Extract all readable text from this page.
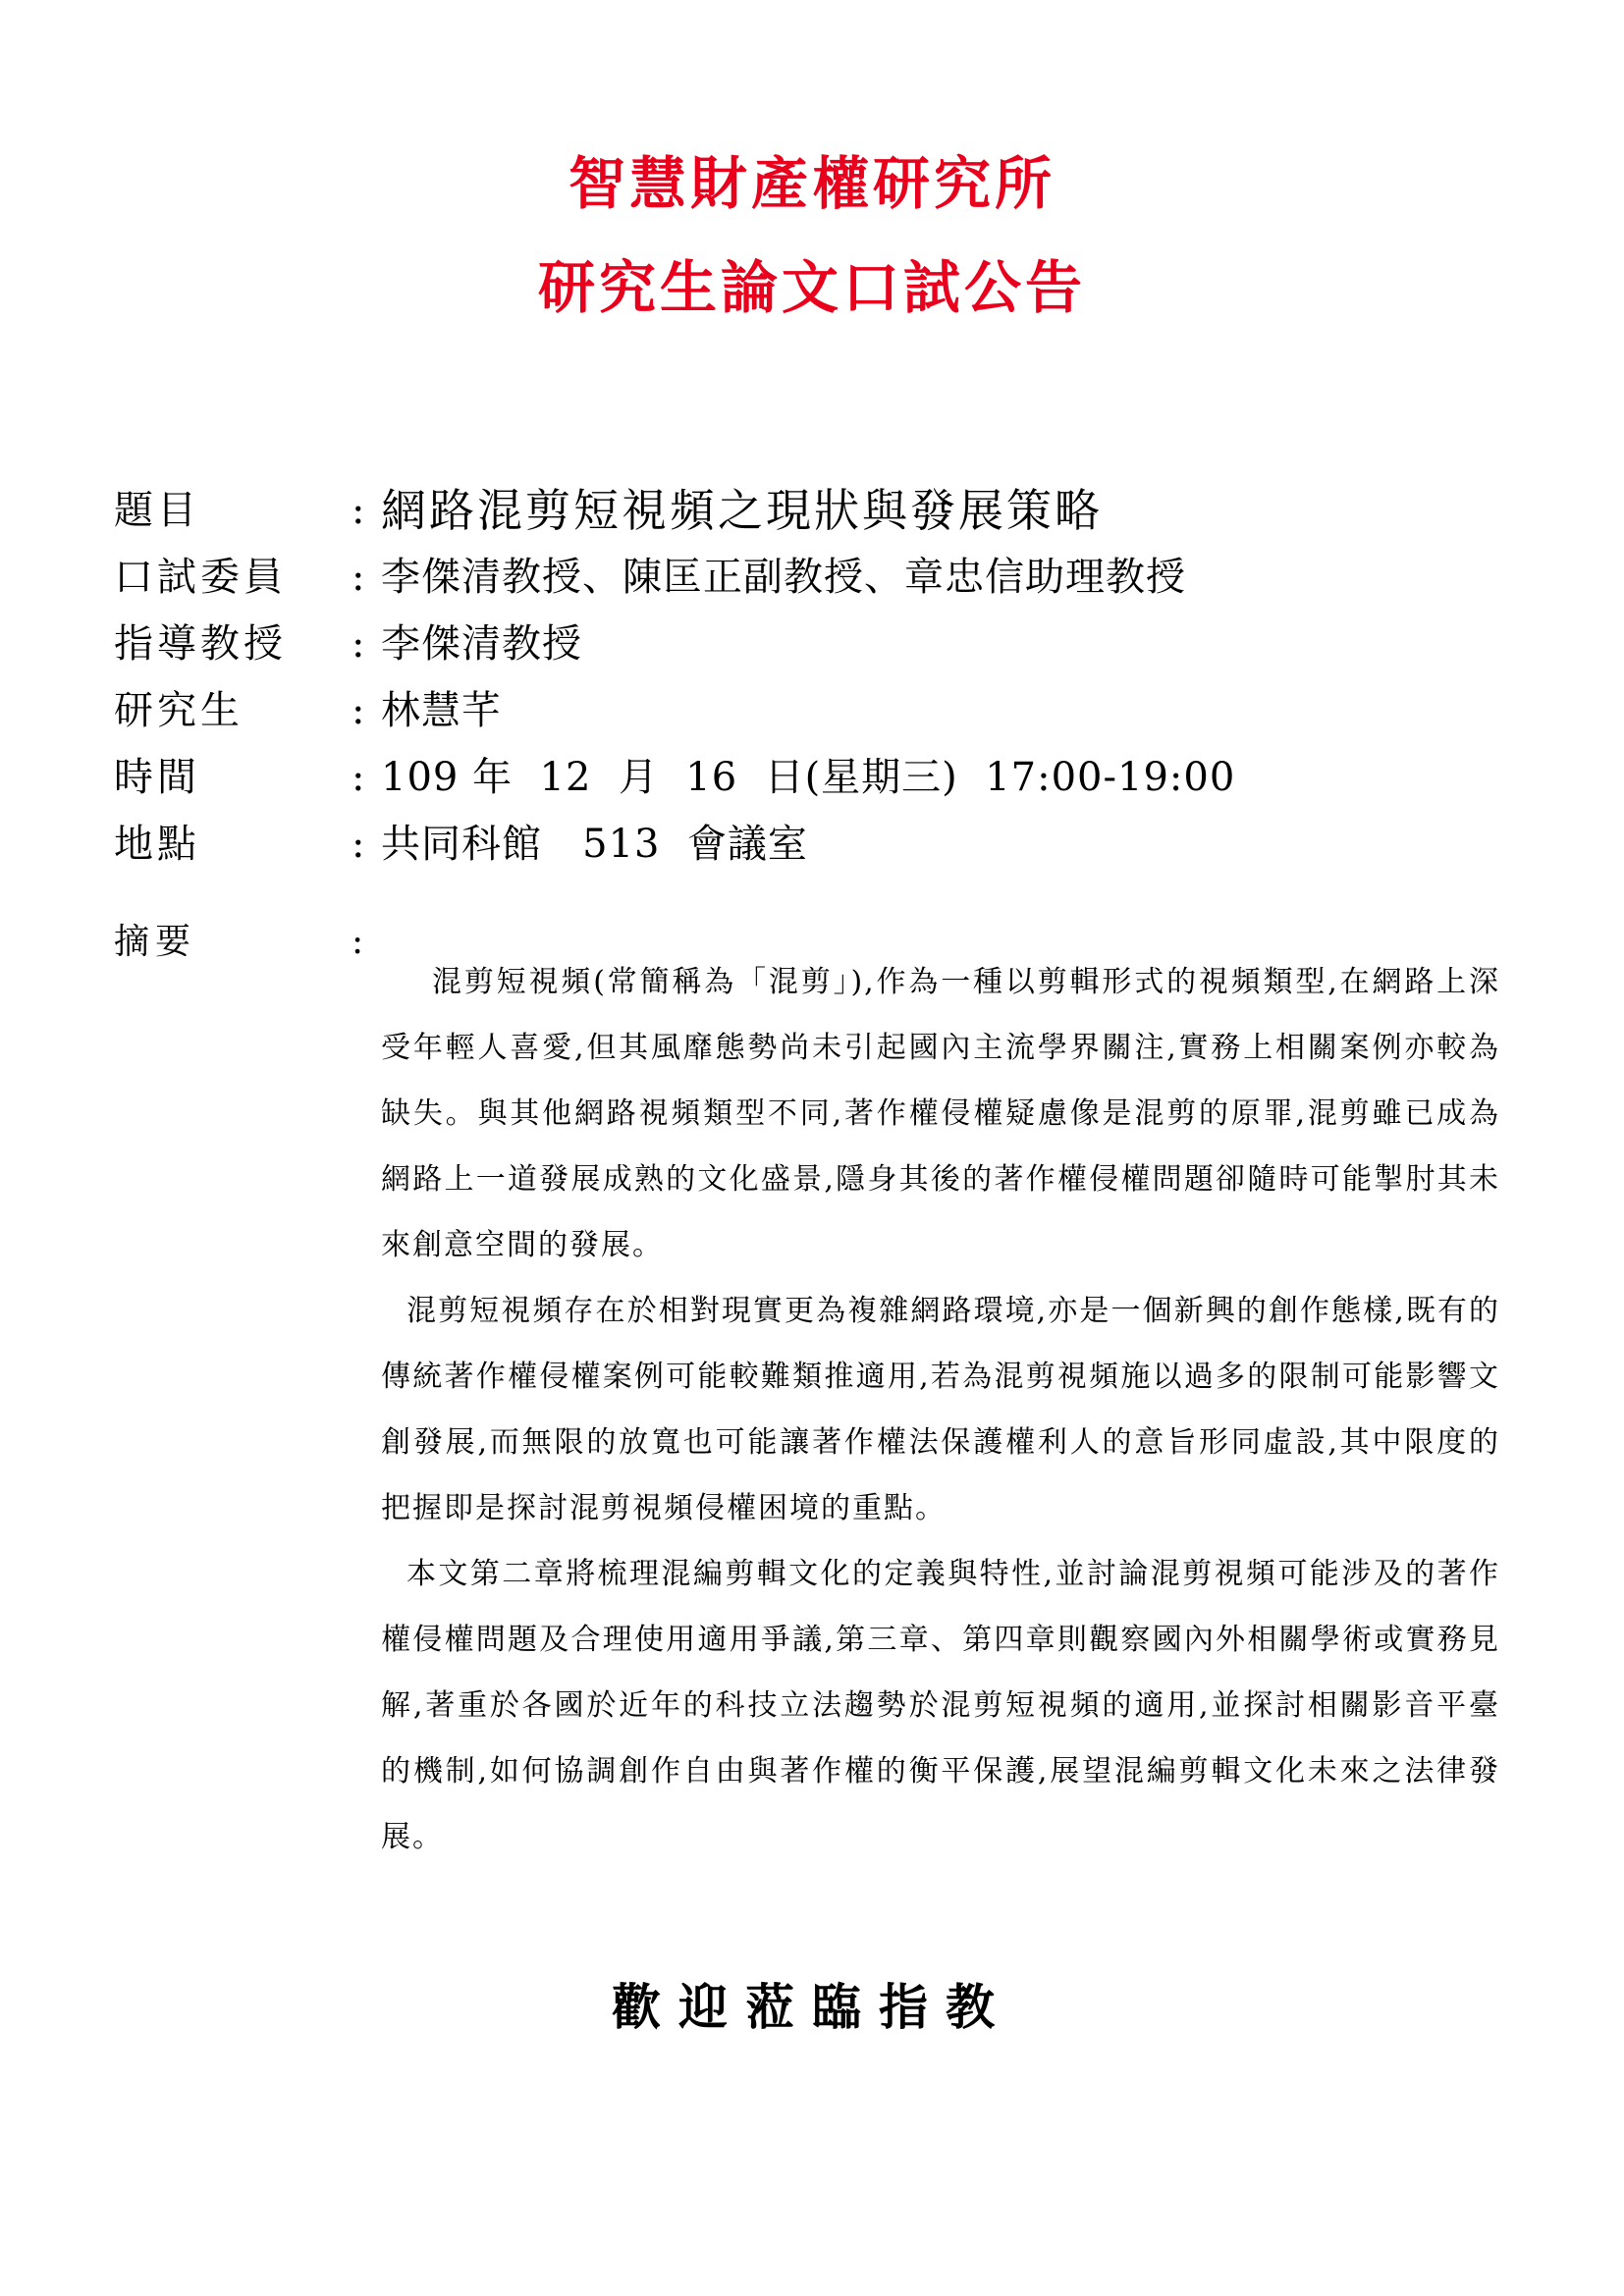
智慧財產權研究所
研究生論文口試公告
題目	: 網路混剪短視頻之現狀與發展策略
口試委員 : 李傑清教授、陳匡正副教授、章忠信助理教授
指導教授 : 李傑清教授
研究生	: 林慧芊
時間	: 109 年  12  月  16  日(星期三)  17:00-19:00
地點	: 共同科館   513  會議室
摘要	:

混剪短視頻(常簡稱為「混剪」),作為一種以剪輯形式的視頻類型,在網路上深受年輕人喜愛,但其風靡態勢尚未引起國內主流學界關注,實務上相關案例亦較為缺失。與其他網路視頻類型不同,著作權侵權疑慮像是混剪的原罪,混剪雖已成為網路上一道發展成熟的文化盛景,隱身其後的著作權侵權問題卻隨時可能掣肘其未來創意空間的發展。

混剪短視頻存在於相對現實更為複雜網路環境,亦是一個新興的創作態樣,既有的傳統著作權侵權案例可能較難類推適用,若為混剪視頻施以過多的限制可能影響文創發展,而無限的放寬也可能讓著作權法保護權利人的意旨形同虛設,其中限度的把握即是探討混剪視頻侵權困境的重點。

本文第二章將梳理混編剪輯文化的定義與特性,並討論混剪視頻可能涉及的著作權侵權問題及合理使用適用爭議,第三章、第四章則觀察國內外相關學術或實務見解,著重於各國於近年的科技立法趨勢於混剪短視頻的適用,並探討相關影音平臺的機制,如何協調創作自由與著作權的衡平保護,展望混編剪輯文化未來之法律發展。

歡迎蒞臨指教
